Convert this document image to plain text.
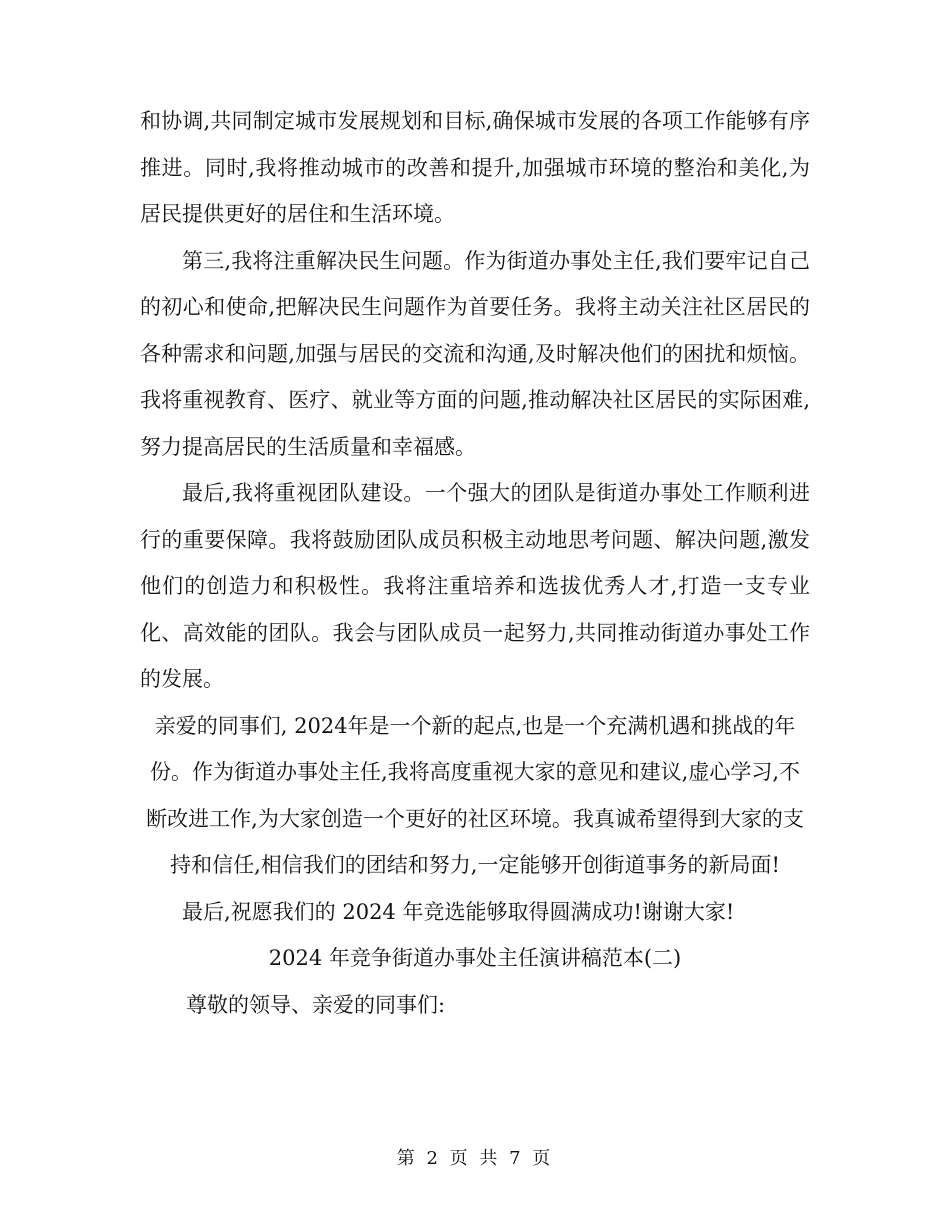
和协调,共同制定城市发展规划和目标,确保城市发展的各项工作能够有序推进。同时,我将推动城市的改善和提升,加强城市环境的整治和美化,为居民提供更好的居住和生活环境。

第三,我将注重解决民生问题。作为街道办事处主任,我们要牢记自己的初心和使命,把解决民生问题作为首要任务。我将主动关注社区居民的各种需求和问题,加强与居民的交流和沟通,及时解决他们的困扰和烦恼。我将重视教育、医疗、就业等方面的问题,推动解决社区居民的实际困难,努力提高居民的生活质量和幸福感。

最后,我将重视团队建设。一个强大的团队是街道办事处工作顺利进行的重要保障。我将鼓励团队成员积极主动地思考问题、解决问题,激发他们的创造力和积极性。我将注重培养和选拔优秀人才,打造一支专业化、高效能的团队。我会与团队成员一起努力,共同推动街道办事处工作的发展。

亲爱的同事们, 2024年是一个新的起点,也是一个充满机遇和挑战的年份。作为街道办事处主任,我将高度重视大家的意见和建议,虚心学习,不断改进工作,为大家创造一个更好的社区环境。我真诚希望得到大家的支持和信任,相信我们的团结和努力,一定能够开创街道事务的新局面!

最后,祝愿我们的 2024 年竞选能够取得圆满成功!谢谢大家!

2024 年竞争街道办事处主任演讲稿范本(二)

尊敬的领导、亲爱的同事们:

第 2 页 共 7 页
